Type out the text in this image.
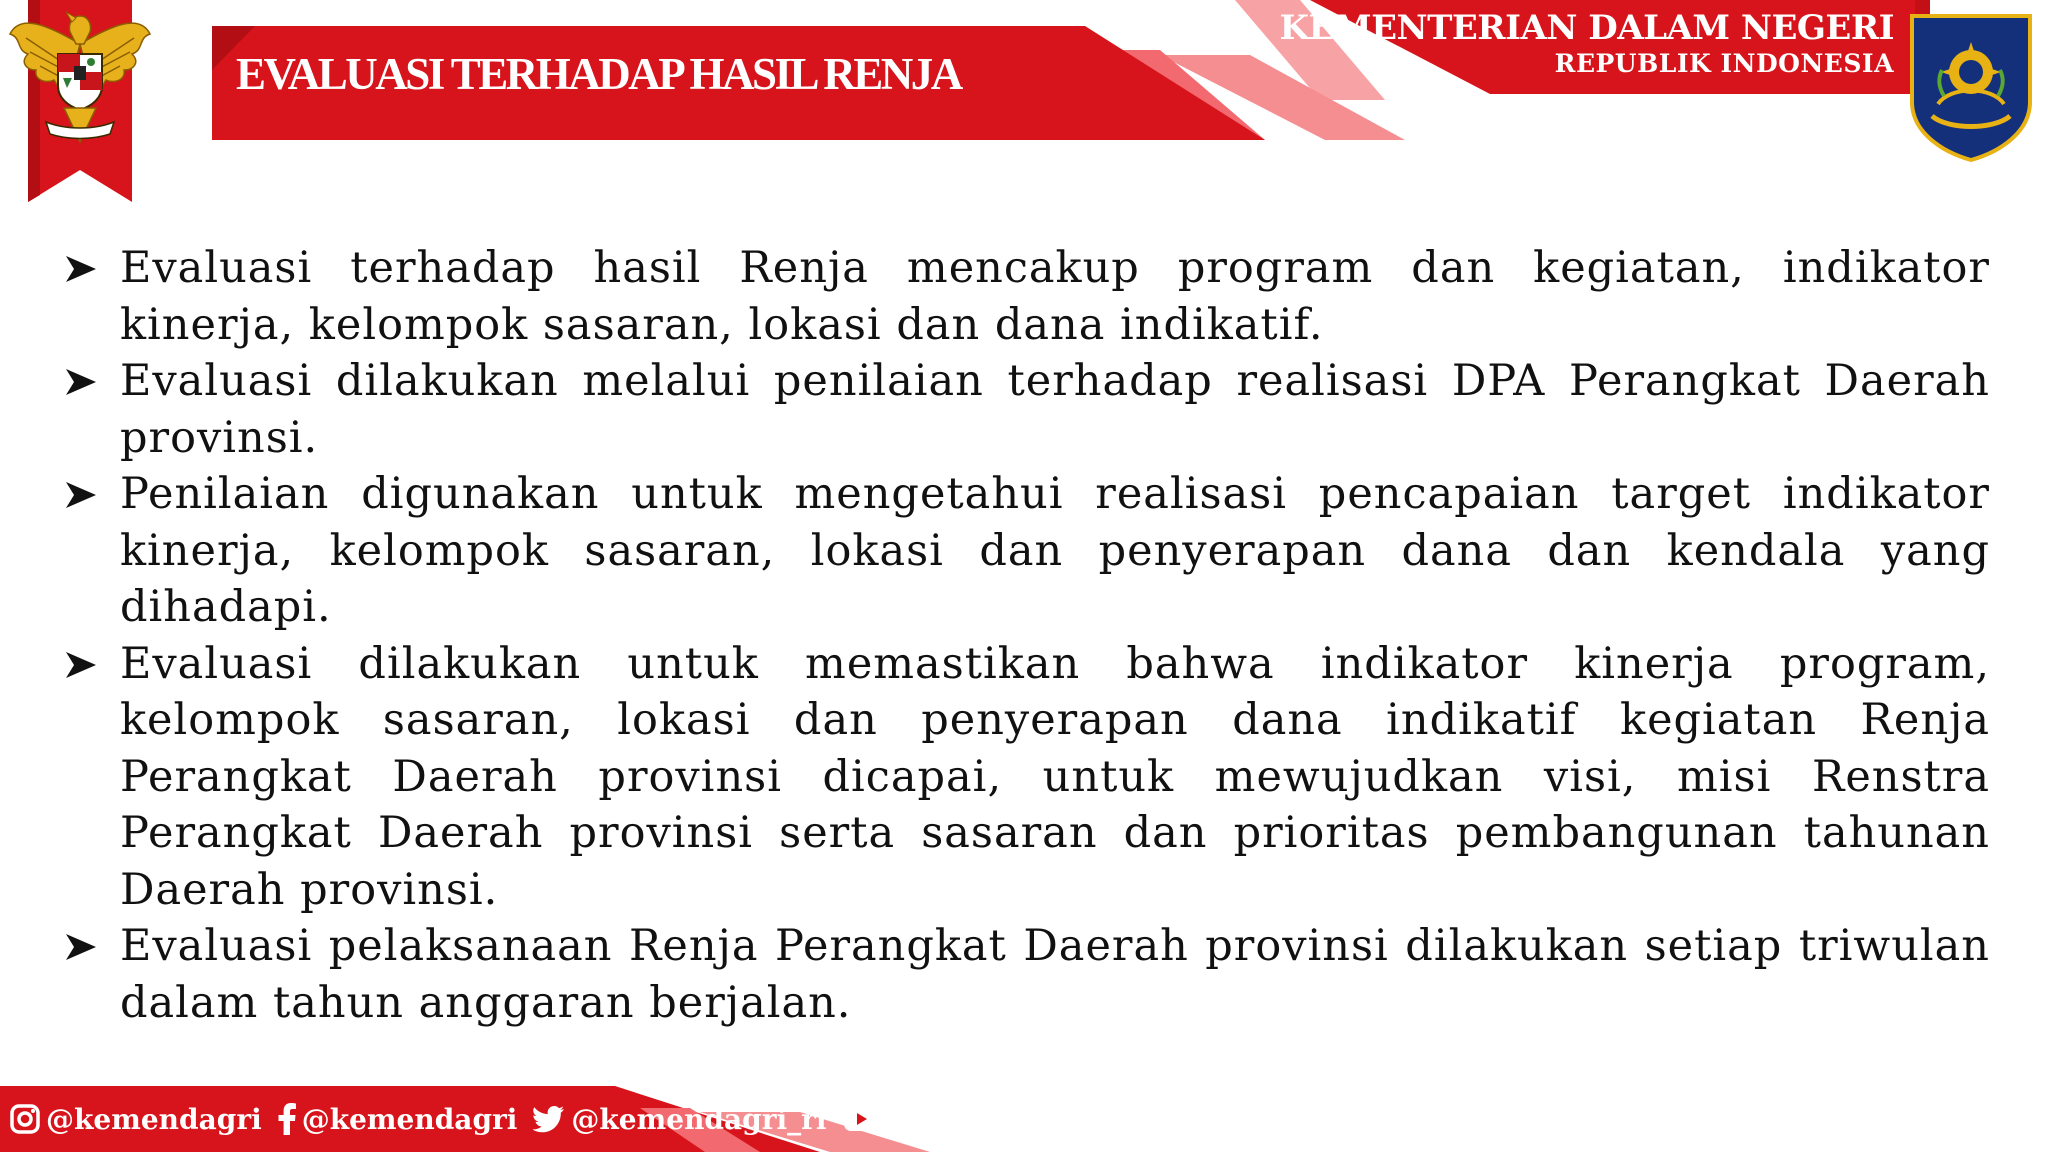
EVALUASI TERHADAP HASIL RENJA
KEMENTERIAN DALAM NEGERI
REPUBLIK INDONESIA
Evaluasi terhadap hasil Renja mencakup program dan kegiatan, indikator kinerja, kelompok sasaran, lokasi dan dana indikatif.
Evaluasi dilakukan melalui penilaian terhadap realisasi DPA Perangkat Daerah provinsi.
Penilaian digunakan untuk mengetahui realisasi pencapaian target indikator kinerja, kelompok sasaran, lokasi dan penyerapan dana dan kendala yang dihadapi.
Evaluasi dilakukan untuk memastikan bahwa indikator kinerja program, kelompok sasaran, lokasi dan penyerapan dana indikatif kegiatan Renja Perangkat Daerah provinsi dicapai, untuk mewujudkan visi, misi Renstra Perangkat Daerah provinsi serta sasaran dan prioritas pembangunan tahunan Daerah provinsi.
Evaluasi pelaksanaan Renja Perangkat Daerah provinsi dilakukan setiap triwulan dalam tahun anggaran berjalan.
@kemendagri @kemendagri @kemendagri_ri
